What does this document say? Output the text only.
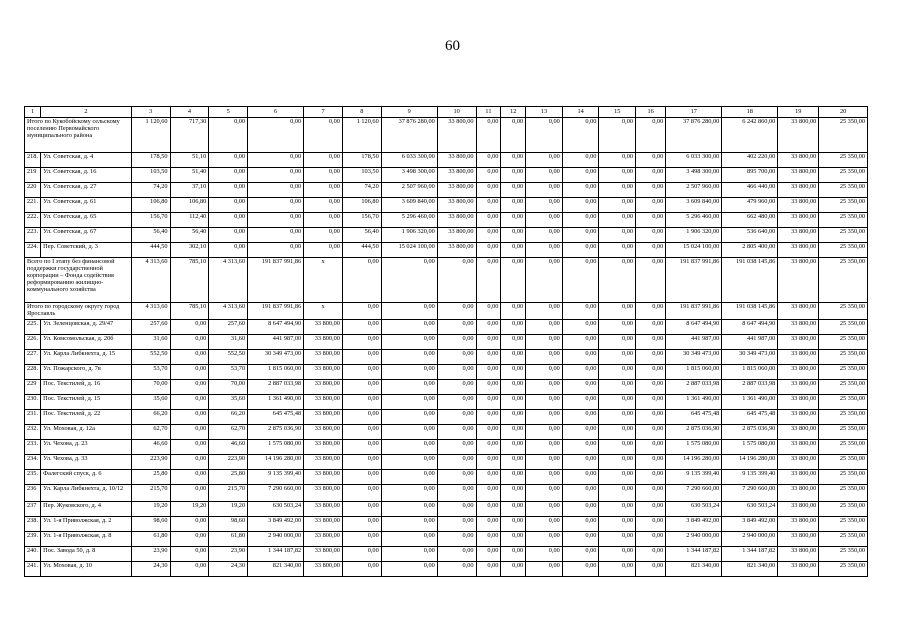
60
1	2	3	4	5	6	7	8	9	10	11	12	13	14	15	16	17	18	19	20
Итого по Кукобойскому сельскому поселению Первомайского муниципального района		1 120,60	717,30	0,00	0,00	0,00	1 120,60	37 876 280,00	33 800,00	0,00	0,00	0,00	0,00	0,00	0,00	37 876 280,00	6 242 860,00	33 800,00	25 350,00
218.	Ул. Советская, д. 4	178,50	51,10	0,00	0,00	0,00	178,50	6 033 300,00	33 800,00	0,00	0,00	0,00	0,00	0,00	0,00	6 033 300,00	402 220,00	33 800,00	25 350,00
219	Ул. Советская, д. 16	103,50	51,40	0,00	0,00	0,00	103,50	3 498 300,00	33 800,00	0,00	0,00	0,00	0,00	0,00	0,00	3 498 300,00	895 700,00	33 800,00	25 350,00
220	Ул. Советская, д. 27	74,20	37,10	0,00	0,00	0,00	74,20	2 507 960,00	33 800,00	0,00	0,00	0,00	0,00	0,00	0,00	2 507 960,00	466 440,00	33 800,00	25 350,00
221.	Ул. Советская, д. 61	106,80	106,80	0,00	0,00	0,00	106,80	3 609 840,00	33 800,00	0,00	0,00	0,00	0,00	0,00	0,00	3 609 840,00	479 960,00	33 800,00	25 350,00
222.	Ул. Советская, д. 65	156,70	112,40	0,00	0,00	0,00	156,70	5 296 460,00	33 800,00	0,00	0,00	0,00	0,00	0,00	0,00	5 296 460,00	662 480,00	33 800,00	25 350,00
223.	Ул. Советская, д. 67	56,40	56,40	0,00	0,00	0,00	56,40	1 906 320,00	33 800,00	0,00	0,00	0,00	0,00	0,00	0,00	1 906 320,00	536 640,00	33 800,00	25 350,00
224.	Пер. Советский, д. 3	444,50	302,10	0,00	0,00	0,00	444,50	15 024 100,00	33 800,00	0,00	0,00	0,00	0,00	0,00	0,00	15 024 100,00	2 805 400,00	33 800,00	25 350,00
Всего по I этапу без финансовой поддержки государственной корпорации – Фонда содействия реформированию жилищно-коммунального хозяйства		4 313,60	785,10	4 313,60	191 837 991,86	x	0,00	0,00	0,00	0,00	0,00	0,00	0,00	0,00	0,00	191 837 991,86	191 038 145,86	33 800,00	25 350,00
Итого по городскому округу город Ярославль		4 313,60	785,10	4 313,60	191 837 991,86	x	0,00	0,00	0,00	0,00	0,00	0,00	0,00	0,00	0,00	191 837 991,86	191 038 145,86	33 800,00	25 350,00
225.	Ул. Зеленцовская, д. 29/47	257,60	0,00	257,60	8 647 494,90	33 800,00	0,00	0,00	0,00	0,00	0,00	0,00	0,00	0,00	0,00	8 647 494,90	8 647 494,90	33 800,00	25 350,00
226.	Ул. Комсомольская, д. 20б	31,60	0,00	31,60	441 987,00	33 800,00	0,00	0,00	0,00	0,00	0,00	0,00	0,00	0,00	0,00	441 987,00	441 987,00	33 800,00	25 350,00
227.	Ул. Карла Либкнехта, д. 15	552,50	0,00	552,50	30 349 473,00	33 800,00	0,00	0,00	0,00	0,00	0,00	0,00	0,00	0,00	0,00	30 349 473,00	30 349 473,00	33 800,00	25 350,00
228.	Ул. Пожарского, д. 7в	53,70	0,00	53,70	1 815 060,00	33 800,00	0,00	0,00	0,00	0,00	0,00	0,00	0,00	0,00	0,00	1 815 060,00	1 815 060,00	33 800,00	25 350,00
229	Пос. Текстилей, д. 16	70,00	0,00	70,00	2 887 033,98	33 800,00	0,00	0,00	0,00	0,00	0,00	0,00	0,00	0,00	0,00	2 887 033,98	2 887 033,98	33 800,00	25 350,00
230.	Пос. Текстилей, д. 15	35,60	0,00	35,60	1 361 490,00	33 800,00	0,00	0,00	0,00	0,00	0,00	0,00	0,00	0,00	0,00	1 361 490,00	1 361 490,00	33 800,00	25 350,00
231.	Пос. Текстилей, д. 22	66,20	0,00	66,20	645 475,48	33 800,00	0,00	0,00	0,00	0,00	0,00	0,00	0,00	0,00	0,00	645 475,48	645 475,48	33 800,00	25 350,00
232.	Ул. Моховая, д. 12а	62,70	0,00	62,70	2 875 036,90	33 800,00	0,00	0,00	0,00	0,00	0,00	0,00	0,00	0,00	0,00	2 875 036,90	2 875 036,90	33 800,00	25 350,00
233.	Ул. Чехова, д. 23	46,60	0,00	46,60	1 575 080,00	33 800,00	0,00	0,00	0,00	0,00	0,00	0,00	0,00	0,00	0,00	1 575 080,00	1 575 080,00	33 800,00	25 350,00
234.	Ул. Чехова, д. 33	223,90	0,00	223,90	14 196 280,00	33 800,00	0,00	0,00	0,00	0,00	0,00	0,00	0,00	0,00	0,00	14 196 280,00	14 196 280,00	33 800,00	25 350,00
235.	Фалегский спуск, д. 6	25,80	0,00	25,80	9 135 399,40	33 800,00	0,00	0,00	0,00	0,00	0,00	0,00	0,00	0,00	0,00	9 135 399,40	9 135 399,40	33 800,00	25 350,00
236	Ул. Карла Либкнехта, д. 10/12	215,70	0,00	215,70	7 290 660,00	33 800,00	0,00	0,00	0,00	0,00	0,00	0,00	0,00	0,00	0,00	7 290 660,00	7 290 660,00	33 800,00	25 350,00
237	Пер. Жуковского, д. 4	19,20	19,20	19,20	630 503,24	33 800,00	0,00	0,00	0,00	0,00	0,00	0,00	0,00	0,00	0,00	630 503,24	630 503,24	33 800,00	25 350,00
238.	Ул. 1-я Приволжская, д. 2	98,60	0,00	98,60	3 849 492,00	33 800,00	0,00	0,00	0,00	0,00	0,00	0,00	0,00	0,00	0,00	3 849 492,00	3 849 492,00	33 800,00	25 350,00
239.	Ул. 1-я Приволжская, д. 8	61,80	0,00	61,80	2 940 000,00	33 800,00	0,00	0,00	0,00	0,00	0,00	0,00	0,00	0,00	0,00	2 940 000,00	2 940 000,00	33 800,00	25 350,00
240.	Пос. Завода 50, д. 8	23,90	0,00	23,90	1 344 187,82	33 800,00	0,00	0,00	0,00	0,00	0,00	0,00	0,00	0,00	0,00	1 344 187,82	1 344 187,82	33 800,00	25 350,00
241.	Ул. Моховая, д. 10	24,30	0,00	24,30	821 340,00	33 800,00	0,00	0,00	0,00	0,00	0,00	0,00	0,00	0,00	0,00	821 340,00	821 340,00	33 800,00	25 350,00
